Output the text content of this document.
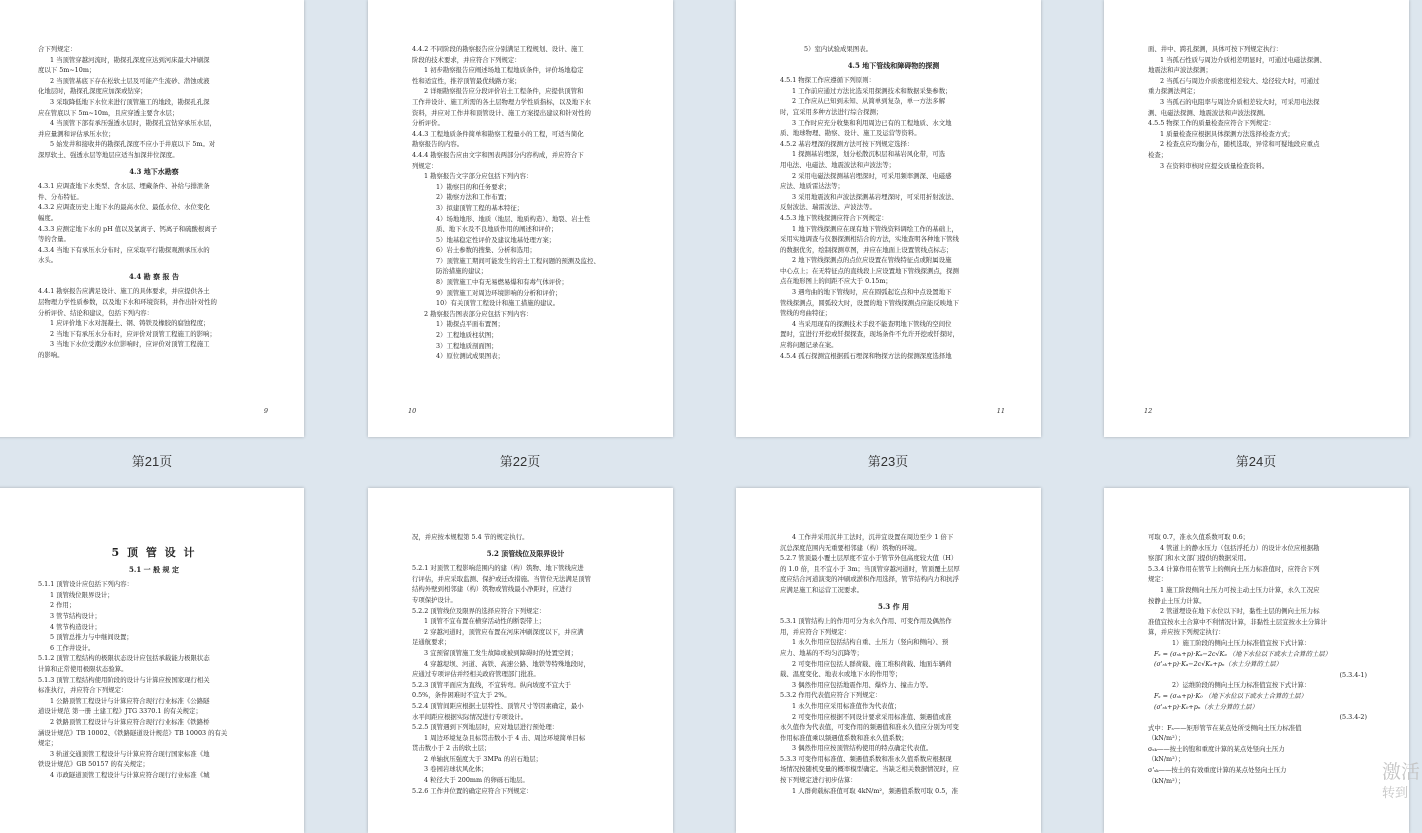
合下列规定：
1 当顶管穿越河流时，勘探孔深度应达到河床最大冲刷深
度以下 5m~10m；
2 当顶管基底下存在松软土层及可能产生流砂、潜蚀或液
化地层时，勘探孔深度应加深或钻穿；
3 采取降低地下水位来进行顶管施工的地段，勘探孔孔深
应在管底以下 5m~10m，且应穿透主要含水层；
4 当顶管下部有承压强透水层时，勘探孔宜钻穿承压水层，
并应量测和评估承压水位；
5 始发井和接收井的勘探孔深度不应小于井底以下 5m。对
深厚软土、强透水层等地层应适当加深井位深度。
4.3 地下水勘察
4.3.1 应调查地下水类型、含水层、埋藏条件、补给与排泄条
件、分布特征。
4.3.2 应调查历史上地下水的最高水位、最低水位、水位变化
幅度。
4.3.3 应测定地下水的 pH 值以及氯离子、钙离子和硫酸根离子
等的含量。
4.3.4 当地下有承压水分布时，应采取平行勘探观测承压水的
水头。
4.4 勘 察 报 告
4.4.1 勘察报告应满足设计、施工的具体要求，并应提供各土
层物理力学性质参数，以及地下水和环境资料，并作出针对性的
分析评价、结论和建议，包括下列内容：
1 应评价地下水对混凝土、钢、铸铁及橡胶的腐蚀程度；
2 当地下有承压水分布时，应评价对顶管工程施工的影响；
3 当地下水位受潮汐水位影响时，应评价对顶管工程施工
的影响。
9
第21页
4.4.2 不同阶段的勘察报告应分别满足工程规划、设计、施工
阶段的技术要求，并应符合下列规定：
1 初步勘察报告应阐述场地工程地质条件，评价场地稳定
性和适宜性，推荐顶管最优线路方案；
2 详细勘察报告应分段评价岩土工程条件，应提供顶管和
工作井设计、施工所需的各土层物理力学性质指标，以及地下水
资料，并应对工作井和顶管设计、施工方案提出建议和针对性的
分析评价。
4.4.3 工程地质条件简单和勘察工程量小的工程，可适当简化
勘察报告的内容。
4.4.4 勘察报告应由文字和图表两部分内容构成，并应符合下
列规定：
1 勘察报告文字部分应包括下列内容：
1）勘察目的和任务要求；
2）勘察方法和工作布置；
3）拟建顶管工程的基本特征；
4）场地地形、地质（地层、地质构造）、地裂、岩土性
质、地下水及不良地质作用的阐述和评价；
5）地基稳定性评价及建议地基处理方案；
6）岩土参数的搜集、分析和选用；
7）顶管施工期间可能发生的岩土工程问题的预测及监控、
防治措施的建议；
8）顶管施工中有无易燃易爆和有毒气体评价；
9）顶管施工对周边环境影响的分析和评价；
10）有关顶管工程设计和施工措施的建议。
2 勘察报告图表部分应包括下列内容：
1）勘探点平面布置图；
2）工程地质柱状图；
3）工程地质剖面图；
4）原位测试成果图表；
10
第22页
5）室内试验成果图表。
4.5 地下管线和障碍物的探测
4.5.1 物探工作应遵循下列原则：
1 工作前应通过方法比选采用探测技术和数据采集参数；
2 工作应从已知到未知、从简单到复杂，单一方法多解
时，宜采用多种方法进行综合探测；
3 工作时应充分收集和利用周边已有的工程地质、水文地
质、地球物理、勘察、设计、施工及运营等资料。
4.5.2 基岩埋深的探测方法可按下列规定选择：
1 探测基岩埋深，划分松散沉积层和基岩风化带，可选
用电法、电磁法、地震波法和声波法等；
2 采用电磁法探测基岩埋深时，可采用频率测深、电磁感
应法、地质雷达法等；
3 采用地震波和声波法探测基岩埋深时，可采用折射波法、
反射波法、瑞雷波法、声波法等。
4.5.3 地下管线探测应符合下列规定：
1 地下管线探测应在现有地下管线资料调绘工作的基础上，
采用实地调查与仪器探测相结合的方法，实地查明各种地下管线
的数据优劣，绘制探测草图，并应在地面上设置管线点标志；
2 地下管线探测点的点位应设置在管线特征点或附属设施
中心点上；在无特征点的直线段上应设置地下管线探测点，探测
点在地形图上的间距不应大于 0.15m；
3 遇弯曲的地下管线时，应在圆弧起讫点和中点设置地下
管线探测点，圆弧较大时，设置的地下管线探测点应能反映地下
管线的弯曲特征；
4 当采用现有的探测技术手段不能查明地下管线的空间位
置时，宜进行开挖或钎探探查，现场条件不允许开挖或钎探时，
应将问题记录在案。
4.5.4 孤石探测宜根据孤石埋深和物探方法的探测深度选择地
11
第23页
面、井中、跨孔探测，具体可按下列规定执行：
1 当孤石性质与周边介质相差明显时，可通过电磁法探测、
地震法和声波法探测；
2 当孤石与周边介质密度相差较大、埝径较大时，可通过
重力探测法判定；
3 当孤石的电阻率与周边介质相差较大时，可采用电法探
测、电磁法探测、地震波法和声波法探测。
4.5.5 物探工作的质量检查应符合下列规定：
1 质量检查应根据具体探测方法选择检查方式；
2 检查点应均衡分布，随机选取，异常和可疑地段应重点
检查；
3 在资料审核时应提交质量检查资料。
12
第24页
5 顶 管 设 计
5.1 一 般 规 定
5.1.1 顶管设计应包括下列内容：
1 顶管线位限界设计；
2 作用；
3 管节结构设计；
4 管节构造设计；
5 顶管总推力与中继间设置；
6 工作井设计。
5.1.2 顶管工程结构的极限状态设计应包括承载能力极限状态
计算和正常使用极限状态验算。
5.1.3 顶管工程结构使用阶段的设计与计算应按国家现行相关
标准执行，并应符合下列规定：
1 公路顶管工程设计与计算应符合现行行业标准《公路隧
道设计规范 第一册 土建工程》JTG 3370.1 的有关规定；
2 铁路顶管工程设计与计算应符合现行行业标准《铁路桥
涵设计规范》TB 10002、《铁路隧道设计规范》TB 10003 的有关
规定；
3 轨道交通顶管工程设计与计算应符合现行国家标准《地
铁设计规范》GB 50157 的有关规定；
4 市政隧道顶管工程设计与计算应符合现行行业标准《城
况，并应按本规程第 5.4 节的规定执行。
5.2 顶管线位及限界设计
5.2.1 对顶管工程影响范围内的建（构）筑物、地下管线应进
行评估，并应采取监测、保护或迁改措施。当管位无法满足顶管
结构外壁到相邻建（构）筑物或管线最小净距时，应进行
专项保护设计。
5.2.2 顶管线位及限界的选择应符合下列规定：
1 顶管不宜布置在横穿活动性的断裂带上；
2 穿越河道时，顶管应布置在河床冲刷深度以下，并应满
足通航要求；
3 宜预留顶管施工发生故障或被到障碍时的处置空间；
4 穿越堤坝、河道、高铁、高速公路、地铁等特殊地段时，
应通过专项评估并经相关政府管理部门批准。
5.2.3 顶管平面应为直线，不宜转弯。纵向坡度不宜大于
0.5%，条件困难时不宜大于 2%。
5.2.4 顶管间距应根据土层特性、顶管尺寸等因素确定，最小
水平间距应根据实际情况进行专项设计。
5.2.5 顶管遇到下列地层时，应对地层进行预处理：
1 周边环境复杂且标贯击数小于 4 击、周边环境简单目标
贯击数小于 2 击的软土层；
2 单轴抗压强度大于 3MPa 的岩石地层；
3 卷园岩球状风化体；
4 粒径大于 200mm 的卵砾石地层。
5.2.6 工作井位置的确定应符合下列规定：
4 工作井采用沉井工法时，沉井宜设置在周边至少 1 倍下
沉总深度范围内无重要相邻建（构）筑物的环境。
5.2.7 管顶最小覆土层厚度不宜小于管节外包高度较大值（H）
的 1.0 倍，且不宜小于 3m；当顶管穿越河道时，管顶覆土层厚
度应结合河道演变的冲刷或淤积作用选择，管节结构内力和抗浮
应满足施工和运营工况要求。
5.3 作 用
5.3.1 顶管结构上的作用可分为永久作用、可变作用及偶然作
用，并应符合下列规定：
1 永久作用应包括结构自重、土压力（竖向和侧向）、预
应力、地基的不均匀沉降等；
2 可变作用应包括人群荷载、施工堆积荷载、地面车辆荷
载、温度变化、地表水或地下水的作用等；
3 偶然作用应包括地震作用、爆炸力、撞击力等。
5.3.2 作用代表值应符合下列规定：
1 永久作用应采用标准值作为代表值；
2 可变作用应根据不同设计要求采用标准值、频遇值或准
永久值作为代表值，可变作用的频遇值和准永久值应分别为可变
作用标准值乘以频遇值系数和准永久值系数；
3 偶然作用应按顶管结构使用的特点确定代表值。
5.3.3 可变作用标准值、频遇值系数和准永久值系数应根据现
场情况按随机变量的概率模型确定。当缺乏相关数据情况时，应
按下列规定进行初步估算：
1 人群荷载标准值可取 4kN/m²，频遇值系数可取 0.5，准
可取 0.7，准永久值系数可取 0.6；
4 管道上的静水压力（包括浮托力）的设计水位应根据勘
察部门和水文部门提供的数据采用。
5.3.4 计算作用在管节上的侧向土压力标准值时，应符合下列
规定：
1 施工阶段侧向土压力可按主动土压力计算，永久工况应
按静止土压力计算。
2 管道埋设在地下水位以下时，黏性土层的侧向土压力标
准值宜按水土合算中不利情况计算，非黏性土层宜按水土分算计
算，并应按下列规定执行：
1）施工阶段的侧向土压力标准值宜按下式计算：
Fₛ = (σₛₖ+p)·Kₐ−2c√Kₐ （地下水位以下或水土合算的土层）
(σ'ₛₖ+p)·Kₐ−2c√Kₐ+pₙ（水土分算的土层）
(5.3.4-1)
2）运维阶段的侧向土压力标准值宜按下式计算：
Fₛ = (σₛₖ+p)·K₀ （地下水位以下或水土合算的土层）
(σ'ₛₖ+p)·K₀+pₙ（水土分算的土层）
(5.3.4-2)
式中：Fₛ——矩形管节在某点处所受侧向土压力标准值
（kN/m²）；
σₛₖ——按土的饱和重度计算的某点处竖向土压力
（kN/m²）；
σ'ₛₖ——按土的有效重度计算的某点处竖向土压力
（kN/m²）；	激活
转到
